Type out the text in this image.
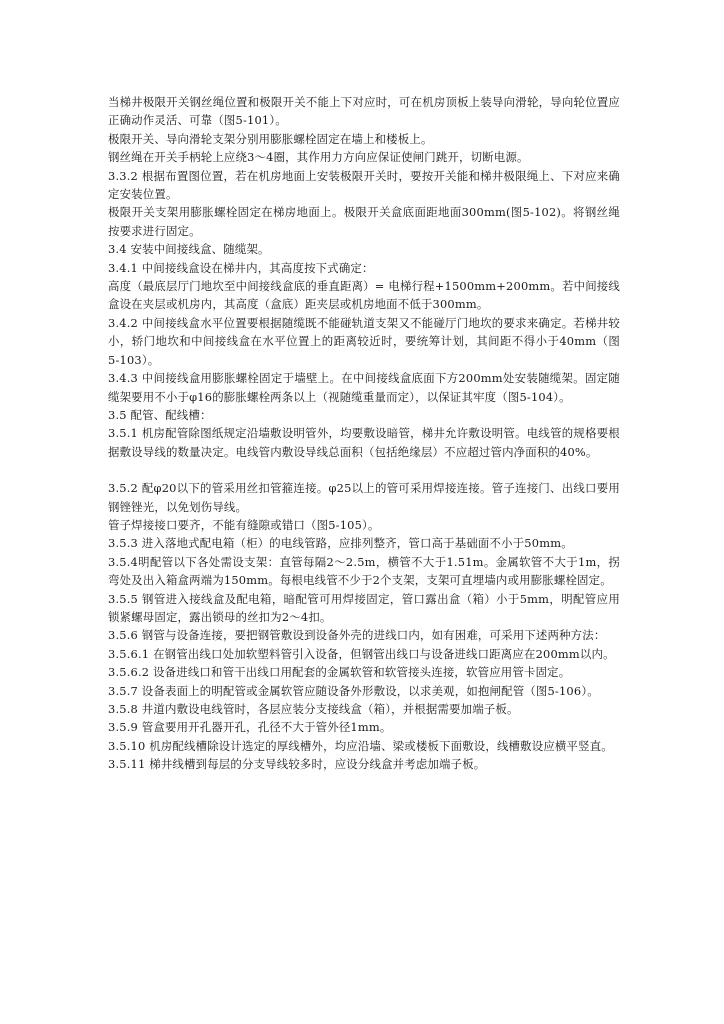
当梯井极限开关钢丝绳位置和极限开关不能上下对应时，可在机房顶板上装导向滑轮，导向轮位置应正确动作灵活、可靠（图5-101）。

极限开关、导向滑轮支架分别用膨胀螺栓固定在墙上和楼板上。

钢丝绳在开关手柄轮上应绕3～4圈，其作用力方向应保证使闸门跳开，切断电源。

3.3.2 根据布置图位置，若在机房地面上安装极限开关时，要按开关能和梯井极限绳上、下对应来确定安装位置。

极限开关支架用膨胀螺栓固定在梯房地面上。极限开关盒底面距地面300mm(图5-102)。将钢丝绳按要求进行固定。

3.4 安装中间接线盒、随缆架。

3.4.1 中间接线盒设在梯井内，其高度按下式确定：

高度（最底层厅门地坎至中间接线盒底的垂直距离）= 电梯行程+1500mm+200mm。若中间接线盒设在夹层或机房内，其高度（盒底）距夹层或机房地面不低于300mm。

3.4.2 中间接线盒水平位置要根据随缆既不能碰轨道支架又不能碰厅门地坎的要求来确定。若梯井较小，轿门地坎和中间接线盒在水平位置上的距离较近时，要统筹计划，其间距不得小于40mm（图5-103）。

3.4.3 中间接线盒用膨胀螺栓固定于墙壁上。在中间接线盒底面下方200mm处安装随缆架。固定随缆架要用不小于φ16的膨胀螺栓两条以上（视随缆重量而定），以保证其牢度（图5-104）。

3.5 配管、配线槽：

3.5.1 机房配管除图纸规定沿墙敷设明管外，均要敷设暗管，梯井允许敷设明管。电线管的规格要根据敷设导线的数量决定。电线管内敷设导线总面积（包括绝缘层）不应超过管内净面积的40%。

3.5.2 配φ20以下的管采用丝扣管箍连接。φ25以上的管可采用焊接连接。管子连接门、出线口要用钢锉锉光，以免划伤导线。

管子焊接接口要齐，不能有缝隙或错口（图5-105）。

3.5.3 进入落地式配电箱（柜）的电线管路，应排列整齐，管口高于基础面不小于50mm。

3.5.4明配管以下各处需设支架：直管每隔2～2.5m，横管不大于1.51m。金属软管不大于1m，拐弯处及出入箱盒两端为150mm。每根电线管不少于2个支架，支架可直埋墙内或用膨胀螺栓固定。

3.5.5 钢管进入接线盒及配电箱，暗配管可用焊接固定，管口露出盒（箱）小于5mm，明配管应用锁紧螺母固定，露出锁母的丝扣为2～4扣。

3.5.6 钢管与设备连接，要把钢管敷设到设备外壳的进线口内，如有困难，可采用下述两种方法：

3.5.6.1 在钢管出线口处加软塑料管引入设备，但钢管出线口与设备进线口距离应在200mm以内。

3.5.6.2 设备进线口和管干出线口用配套的金属软管和软管接头连接，软管应用管卡固定。

3.5.7 设备表面上的明配管或金属软管应随设备外形敷设，以求美观，如抱闸配管（图5-106）。

3.5.8 井道内敷设电线管时，各层应装分支接线盒（箱），并根据需要加端子板。

3.5.9 管盒要用开孔器开孔，孔径不大于管外径1mm。

3.5.10 机房配线槽除设计选定的厚线槽外，均应沿墙、梁或楼板下面敷设，线槽敷设应横平竖直。

3.5.11 梯井线槽到每层的分支导线较多时，应设分线盒并考虑加端子板。
